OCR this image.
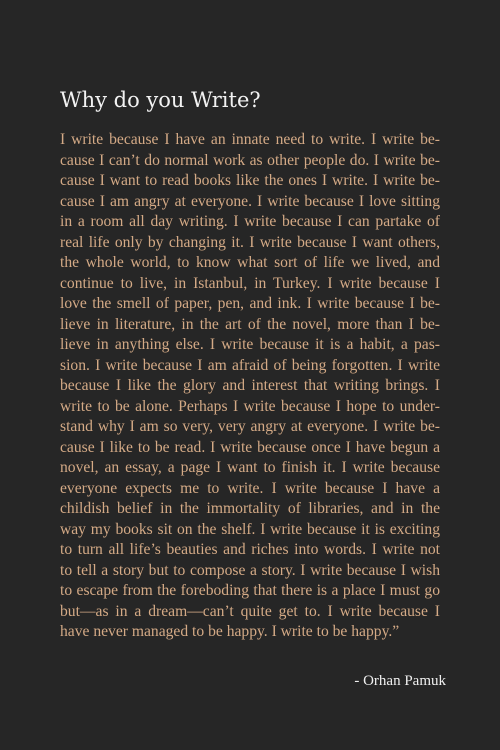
Why do you Write?
I write because I have an innate need to write. I write be-
cause I can’t do normal work as other people do. I write be-
cause I want to read books like the ones I write. I write be-
cause I am angry at everyone. I write because I love sitting
in a room all day writing. I write because I can partake of
real life only by changing it. I write because I want others,
the whole world, to know what sort of life we lived, and
continue to live, in Istanbul, in Turkey. I write because I
love the smell of paper, pen, and ink. I write because I be-
lieve in literature, in the art of the novel, more than I be-
lieve in anything else. I write because it is a habit, a pas-
sion. I write because I am afraid of being forgotten. I write
because I like the glory and interest that writing brings. I
write to be alone. Perhaps I write because I hope to under-
stand why I am so very, very angry at everyone. I write be-
cause I like to be read. I write because once I have begun a
novel, an essay, a page I want to finish it. I write because
everyone expects me to write. I write because I have a
childish belief in the immortality of libraries, and in the
way my books sit on the shelf. I write because it is exciting
to turn all life’s beauties and riches into words. I write not
to tell a story but to compose a story. I write because I wish
to escape from the foreboding that there is a place I must go
but—as in a dream—can’t quite get to. I write because I
have never managed to be happy. I write to be happy.”

- Orhan Pamuk
